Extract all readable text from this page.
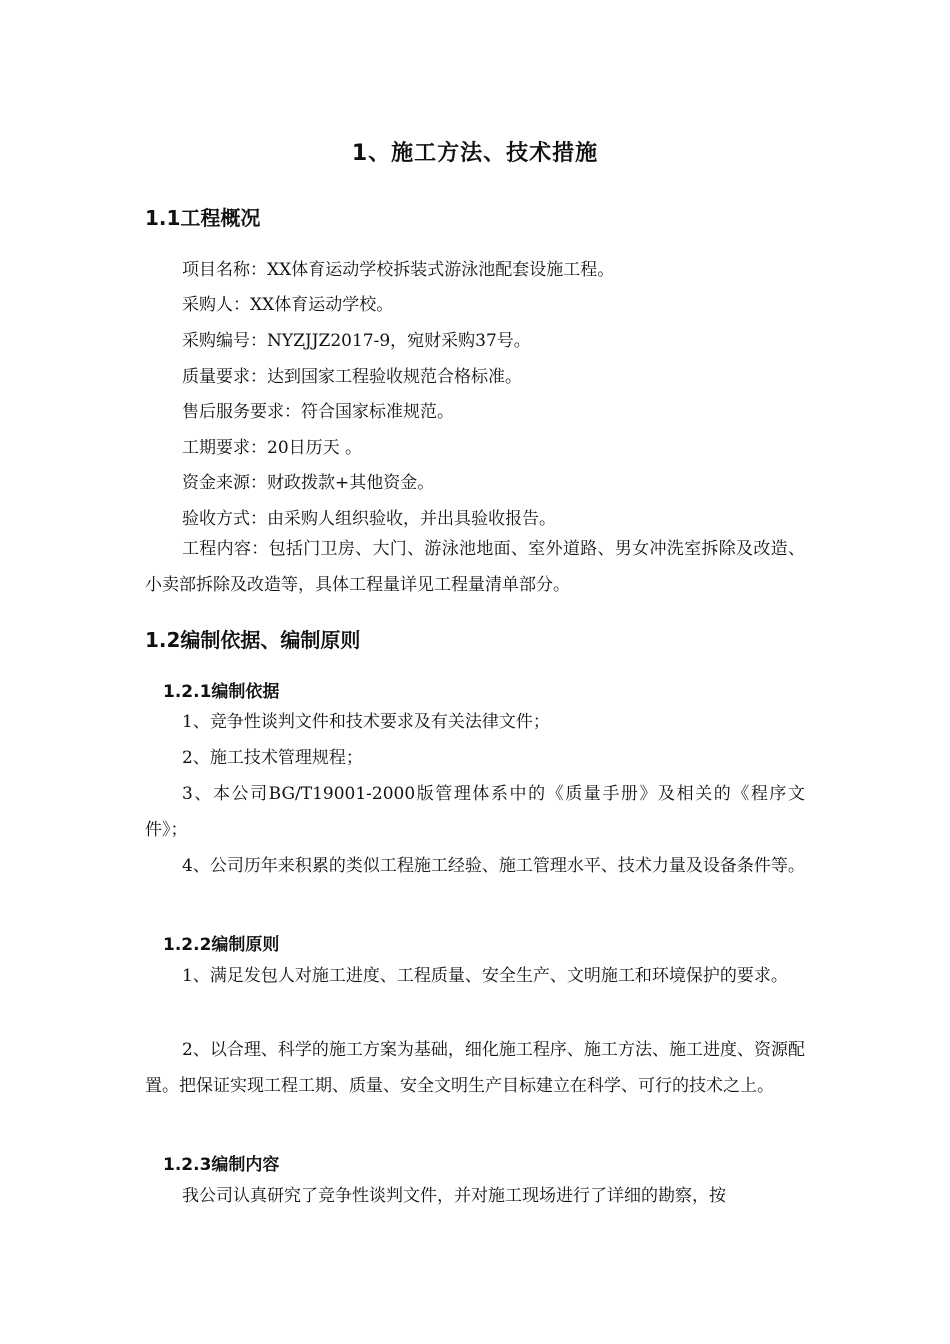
1、施工方法、技术措施
1.1工程概况
项目名称：XX体育运动学校拆装式游泳池配套设施工程。
采购人：XX体育运动学校。
采购编号：NYZJJZ2017-9，宛财采购37号。
质量要求：达到国家工程验收规范合格标准。
售后服务要求：符合国家标准规范。
工期要求：20日历天 。
资金来源：财政拨款+其他资金。
验收方式：由采购人组织验收，并出具验收报告。

工程内容：包括门卫房、大门、游泳池地面、室外道路、男女冲洗室拆除及改造、小卖部拆除及改造等，具体工程量详见工程量清单部分。

1.2编制依据、编制原则
1.2.1编制依据

1、竞争性谈判文件和技术要求及有关法律文件；

2、施工技术管理规程；

3、本公司BG/T19001-2000版管理体系中的《质量手册》及相关的《程序文件》；

4、公司历年来积累的类似工程施工经验、施工管理水平、技术力量及设备条件等。

1.2.2编制原则

1、满足发包人对施工进度、工程质量、安全生产、文明施工和环境保护的要求。

2、以合理、科学的施工方案为基础，细化施工程序、施工方法、施工进度、资源配置。把保证实现工程工期、质量、安全文明生产目标建立在科学、可行的技术之上。

1.2.3编制内容

我公司认真研究了竞争性谈判文件，并对施工现场进行了详细的勘察，按
